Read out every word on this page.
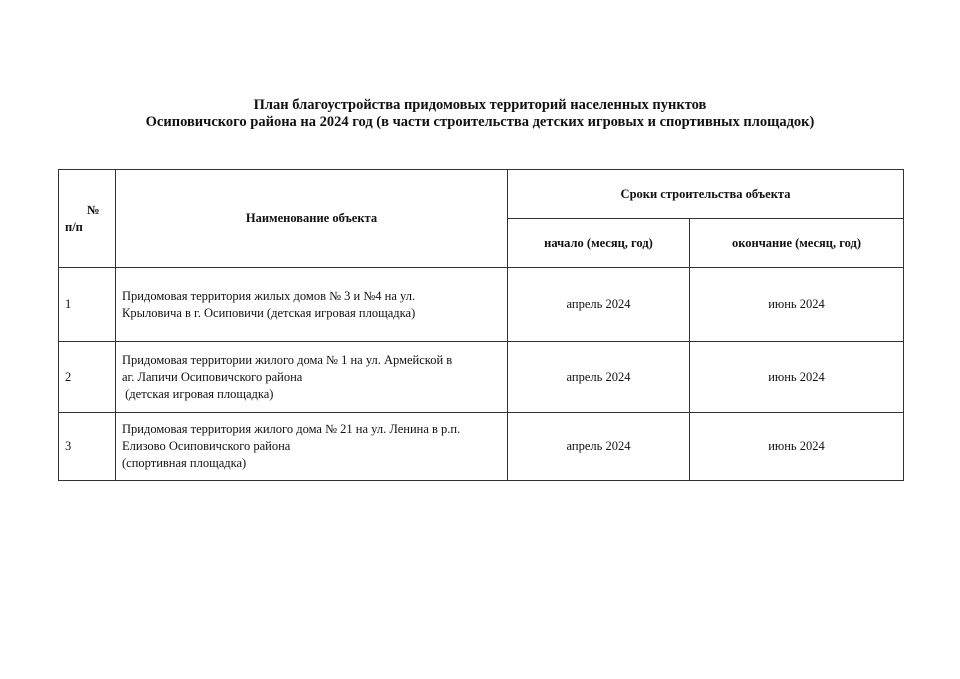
План благоустройства придомовых территорий населенных пунктов
Осиповичского района на 2024 год (в части строительства детских игровых и спортивных площадок)
№
п/п	Наименование объекта	Сроки строительства объекта	
		начало (месяц, год)	окончание (месяц, год)
1	Придомовая территория жилых домов № 3 и №4 на ул.
Крыловича в г. Осиповичи (детская игровая площадка)	апрель 2024	июнь 2024
2	Придомовая территории жилого дома № 1 на ул. Армейской в
аг. Лапичи Осиповичского района
(детская игровая площадка)	апрель 2024	июнь 2024
3	Придомовая территория жилого дома № 21 на ул. Ленина в р.п.
Елизово Осиповичского района
(спортивная площадка)	апрель 2024	июнь 2024
